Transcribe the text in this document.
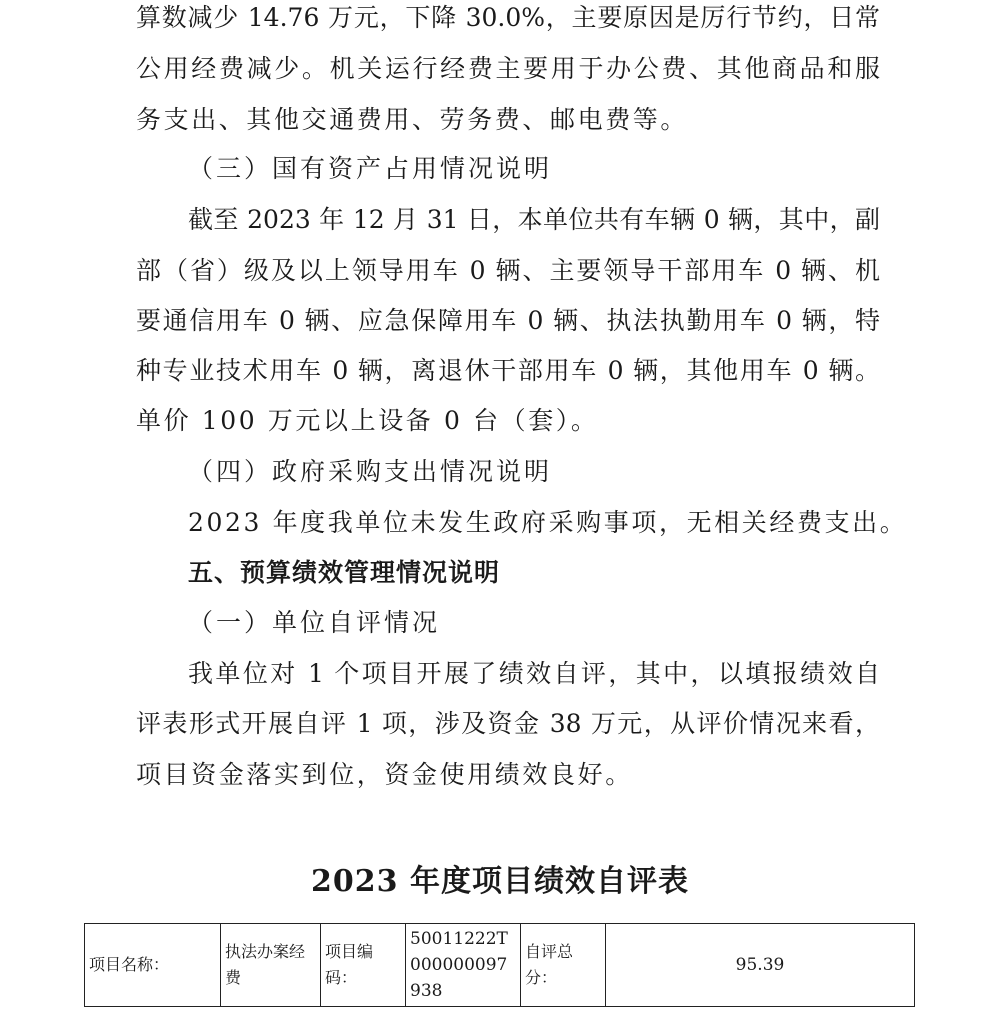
算数减少 14.76 万元，下降 30.0%，主要原因是厉行节约，日常
公用经费减少。机关运行经费主要用于办公费、其他商品和服
务支出、其他交通费用、劳务费、邮电费等。
（三）国有资产占用情况说明
截至 2023 年 12 月 31 日，本单位共有车辆 0 辆，其中，副
部（省）级及以上领导用车 0 辆、主要领导干部用车 0 辆、机
要通信用车 0 辆、应急保障用车 0 辆、执法执勤用车 0 辆，特
种专业技术用车 0 辆，离退休干部用车 0 辆，其他用车 0 辆。
单价 100 万元以上设备 0 台（套）。
（四）政府采购支出情况说明
2023 年度我单位未发生政府采购事项，无相关经费支出。
五、预算绩效管理情况说明
（一）单位自评情况
我单位对 1 个项目开展了绩效自评，其中，以填报绩效自
评表形式开展自评 1 项，涉及资金 38 万元，从评价情况来看，
项目资金落实到位，资金使用绩效良好。
2023 年度项目绩效自评表
项目名称：	执法办案经费	项目编码：	50011222T000000097938	自评总分：	95.39
